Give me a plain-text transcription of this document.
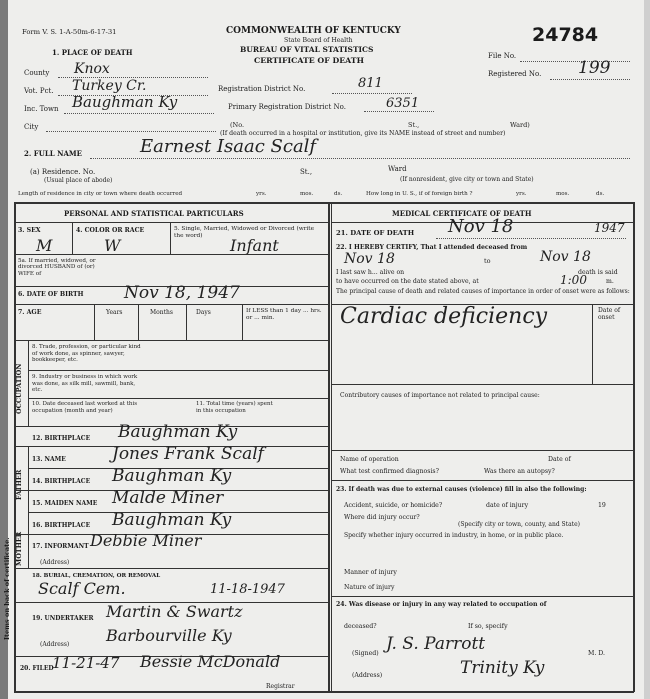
Items on back of certificate.
Form V. S. 1-A-50m-6-17-31	COMMONWEALTH OF KENTUCKY
State Board of Health
BUREAU OF VITAL STATISTICS
CERTIFICATE OF DEATH
24784
File No.
Registered No. 199
1. PLACE OF DEATH
County Knox
Vot. Pct. Turkey Cr.	Registration District No.	811
Inc. Town Baughman Ky	Primary Registration District No.	6351
City	(No.	St.,	Ward)
(If death occurred in a hospital or institution, give its NAME instead of street and number)
2. FULL NAME	Earnest Isaac Scalf
(a) Residence. No.
(Usual place of abode)
St.,	Ward
(If nonresident, give city or town and State)
Length of residence in city or town where death occurred	yrs.	mos.	ds.	How long in U. S., if of foreign birth ?	yrs.	mos.	ds.
PERSONAL AND STATISTICAL PARTICULARS
3. SEX
M
4. COLOR OR RACE
W
5. Single, Married, Widowed or Divorced (write the word)
Infant
5a. If married, widowed, or divorced HUSBAND of (or) WIFE of
6. DATE OF BIRTH Nov 18, 1947
7. AGE	Years	Months	Days	If LESS than 1 day ... hrs. or ... min.
OCCUPATION
8. Trade, profession, or particular kind of work done, as spinner, sawyer, bookkeeper, etc.
9. Industry or business in which work was done, as silk mill, sawmill, bank, etc.
10. Date deceased last worked at this occupation (month and year)
11. Total time (years) spent in this occupation
12. BIRTHPLACE Baughman Ky
FATHER
MOTHER
13. NAME	Jones Frank Scalf
14. BIRTHPLACE Baughman Ky
15. MAIDEN NAME Malde Miner
16. BIRTHPLACE Baughman Ky
17. INFORMANT Debbie Miner
(Address)
18. BURIAL, CREMATION, OR REMOVAL
Scalf Cem.	11-18-1947
19. UNDERTAKER Martin & Swartz
(Address) Barbourville Ky
20. FILED
11-21-47 Bessie McDonald
Registrar
MEDICAL CERTIFICATE OF DEATH
21. DATE OF DEATH Nov 18	1947
22. I HEREBY CERTIFY, That I attended deceased from
Nov 18	to	Nov 18
I last saw h... alive on	death is said
to have occurred on the date stated above, at	1:00	m.
The principal cause of death and related causes of importance in order of onset were as follows:
Date of onset
Cardiac deficiency
Contributory causes of importance not related to principal cause:
Name of operation	Date of
What test confirmed diagnosis?	Was there an autopsy?
23. If death was due to external causes (violence) fill in also the following:
Accident, suicide, or homicide?	date of injury	19
Where did injury occur?
(Specify city or town, county, and State)
Specify whether injury occurred in industry, in home, or in public place.
Manner of injury
Nature of injury
24. Was disease or injury in any way related to occupation of
deceased?	If so, specify
(Signed) J. S. Parrott	M. D.
(Address)	Trinity Ky
